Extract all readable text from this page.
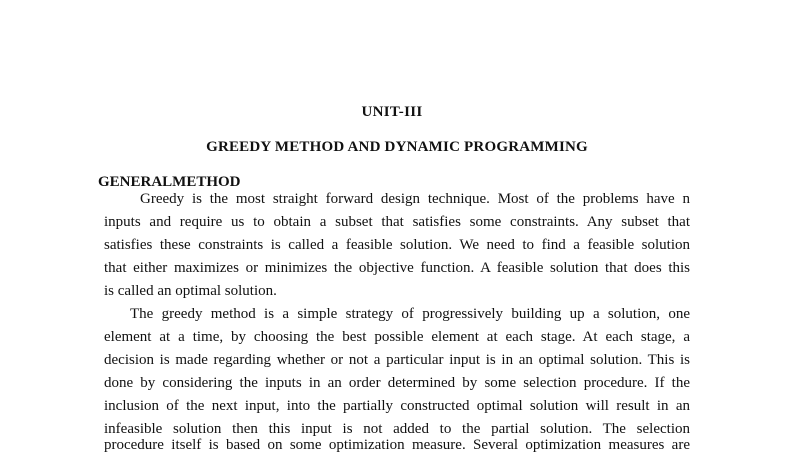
UNIT-III
GREEDY METHOD AND DYNAMIC PROGRAMMING
GENERALMETHOD
Greedy is the most straight forward design technique. Most of the problems have n
inputs and require us to obtain a subset that satisfies some constraints. Any subset that
satisfies these constraints is called a feasible solution. We need to find a feasible solution
that either maximizes or minimizes the objective function. A feasible solution that does this
is called an optimal solution.
The greedy method is a simple strategy of progressively building up a solution, one
element at a time, by choosing the best possible element at each stage. At each stage, a
decision is made regarding whether or not a particular input is in an optimal solution. This is
done by considering the inputs in an order determined by some selection procedure. If the
inclusion of the next input, into the partially constructed optimal solution will result in an
infeasible solution then this input is not added to the partial solution. The selection
procedure itself is based on some optimization measure. Several optimization measures are
